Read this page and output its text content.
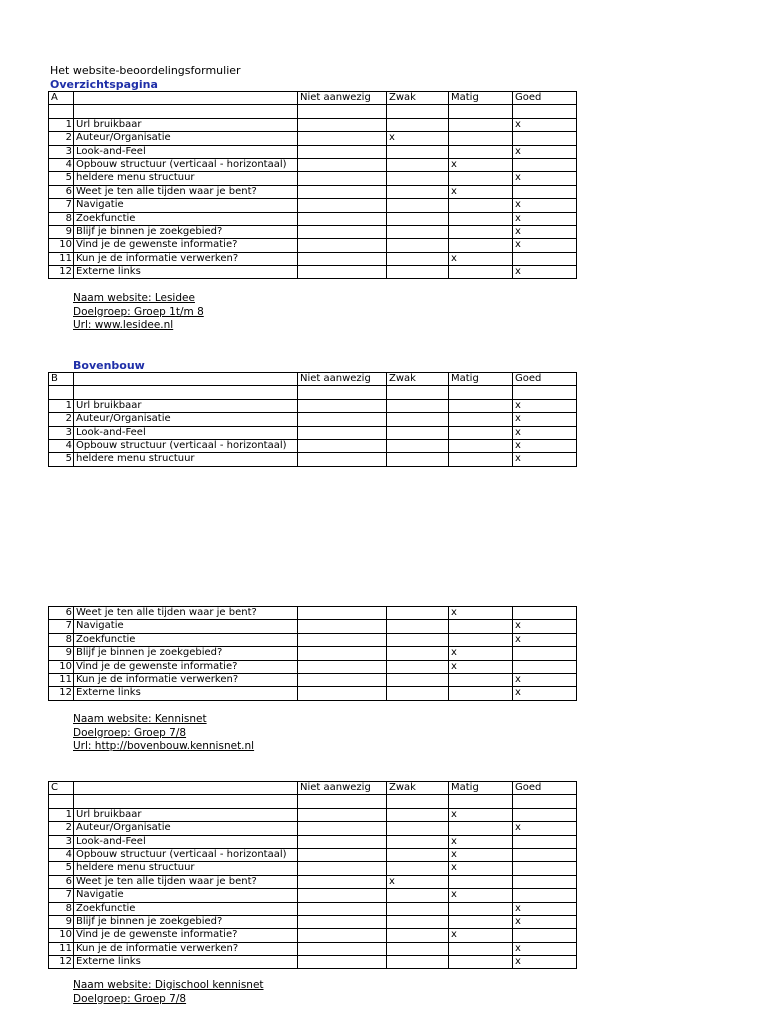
Het website-beoordelingsformulier
Overzichtspagina
A		Niet aanwezig	Zwak	Matig	Goed

1	Url bruikbaar				x
2	Auteur/Organisatie		x		
3	Look-and-Feel				x
4	Opbouw structuur (verticaal - horizontaal)			x	
5	heldere menu structuur				x
6	Weet je ten alle tijden waar je bent?			x	
7	Navigatie				x
8	Zoekfunctie				x
9	Blijf je binnen je zoekgebied?				x
10	Vind je de gewenste informatie?				x
11	Kun je de informatie verwerken?			x	
12	Externe links				x
Naam website: Lesidee
Doelgroep: Groep 1t/m 8
Url: www.lesidee.nl
Bovenbouw
B		Niet aanwezig	Zwak	Matig	Goed

1	Url bruikbaar				x
2	Auteur/Organisatie				x
3	Look-and-Feel				x
4	Opbouw structuur (verticaal - horizontaal)				x
5	heldere menu structuur				x
6	Weet je ten alle tijden waar je bent?			x	
7	Navigatie				x
8	Zoekfunctie				x
9	Blijf je binnen je zoekgebied?			x	
10	Vind je de gewenste informatie?			x	
11	Kun je de informatie verwerken?				x
12	Externe links				x
Naam website: Kennisnet
Doelgroep: Groep 7/8
Url: http://bovenbouw.kennisnet.nl
C		Niet aanwezig	Zwak	Matig	Goed

1	Url bruikbaar			x	
2	Auteur/Organisatie				x
3	Look-and-Feel			x	
4	Opbouw structuur (verticaal - horizontaal)			x	
5	heldere menu structuur			x	
6	Weet je ten alle tijden waar je bent?		x		
7	Navigatie			x	
8	Zoekfunctie				x
9	Blijf je binnen je zoekgebied?				x
10	Vind je de gewenste informatie?			x	
11	Kun je de informatie verwerken?				x
12	Externe links				x
Naam website: Digischool kennisnet
Doelgroep: Groep 7/8
